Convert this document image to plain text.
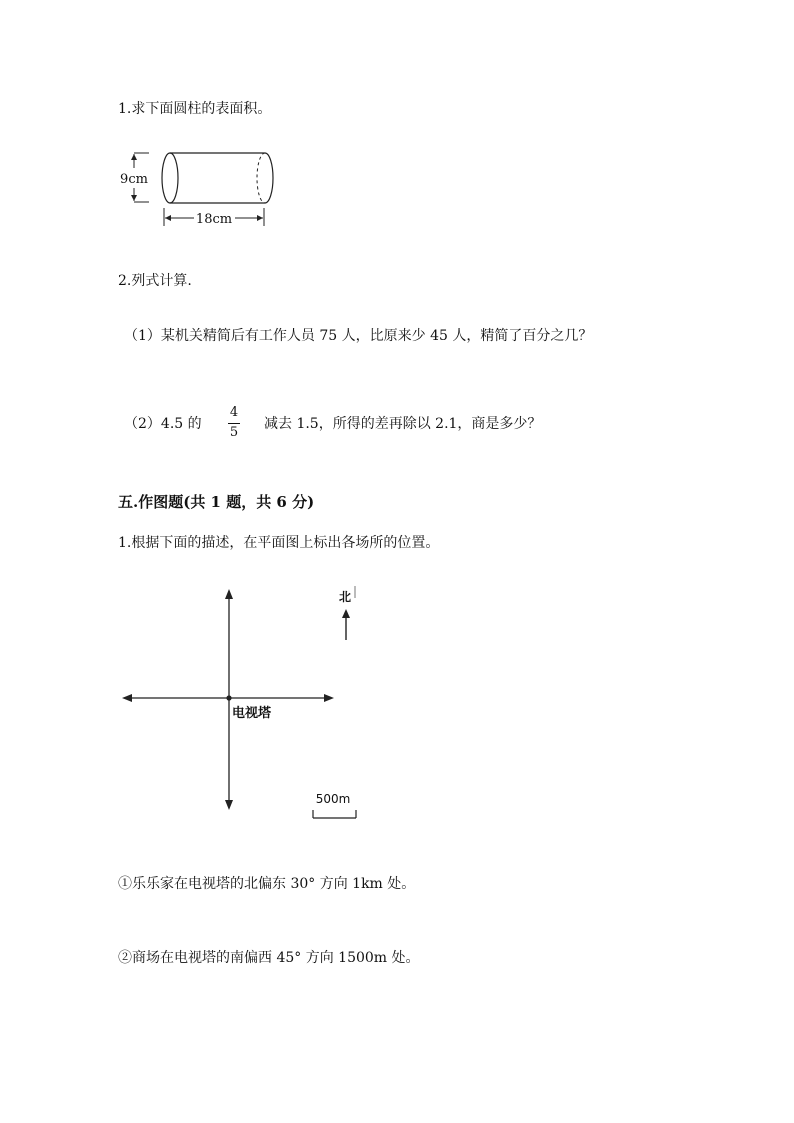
1.求下面圆柱的表面积。
9cm
18cm
2.列式计算.
（1）某机关精简后有工作人员 75 人，比原来少 45 人，精简了百分之几？
（2）4.5 的
4
5
减去 1.5，所得的差再除以 2.1，商是多少？
五.作图题(共 1 题，共 6 分)
1.根据下面的描述，在平面图上标出各场所的位置。
电视塔
北
500m
①乐乐家在电视塔的北偏东 30° 方向 1km 处。
②商场在电视塔的南偏西 45° 方向 1500m 处。
